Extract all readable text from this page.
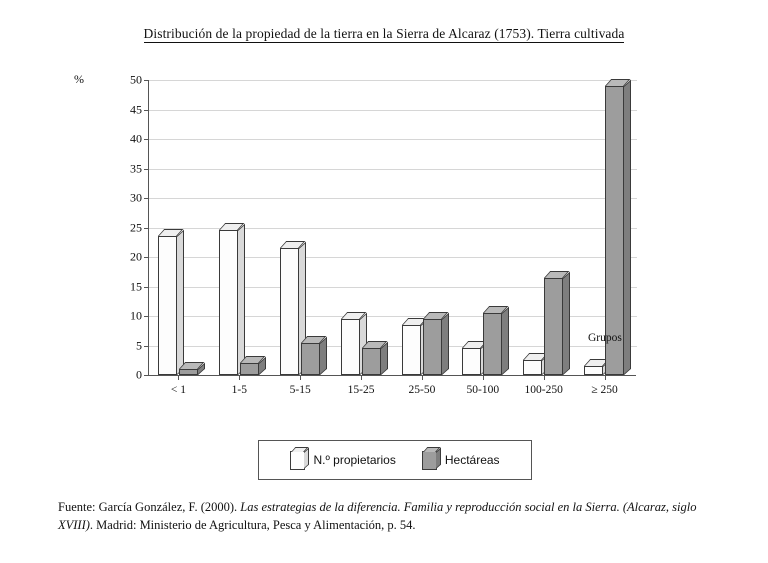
Distribución de la propiedad de la tierra en la Sierra de Alcaraz (1753). Tierra cultivada
%
0
5
10
15
20
25
30
35
40
45
50
< 1	1-5	5-15	15-25	25-50	50-100	100-250	≥ 250
Grupos
N.º propietarios	Hectáreas
Fuente: García González, F. (2000). Las estrategias de la diferencia. Familia y reproducción social en la Sierra. (Alcaraz, siglo XVIII). Madrid: Ministerio de Agricultura, Pesca y Alimentación, p. 54.
